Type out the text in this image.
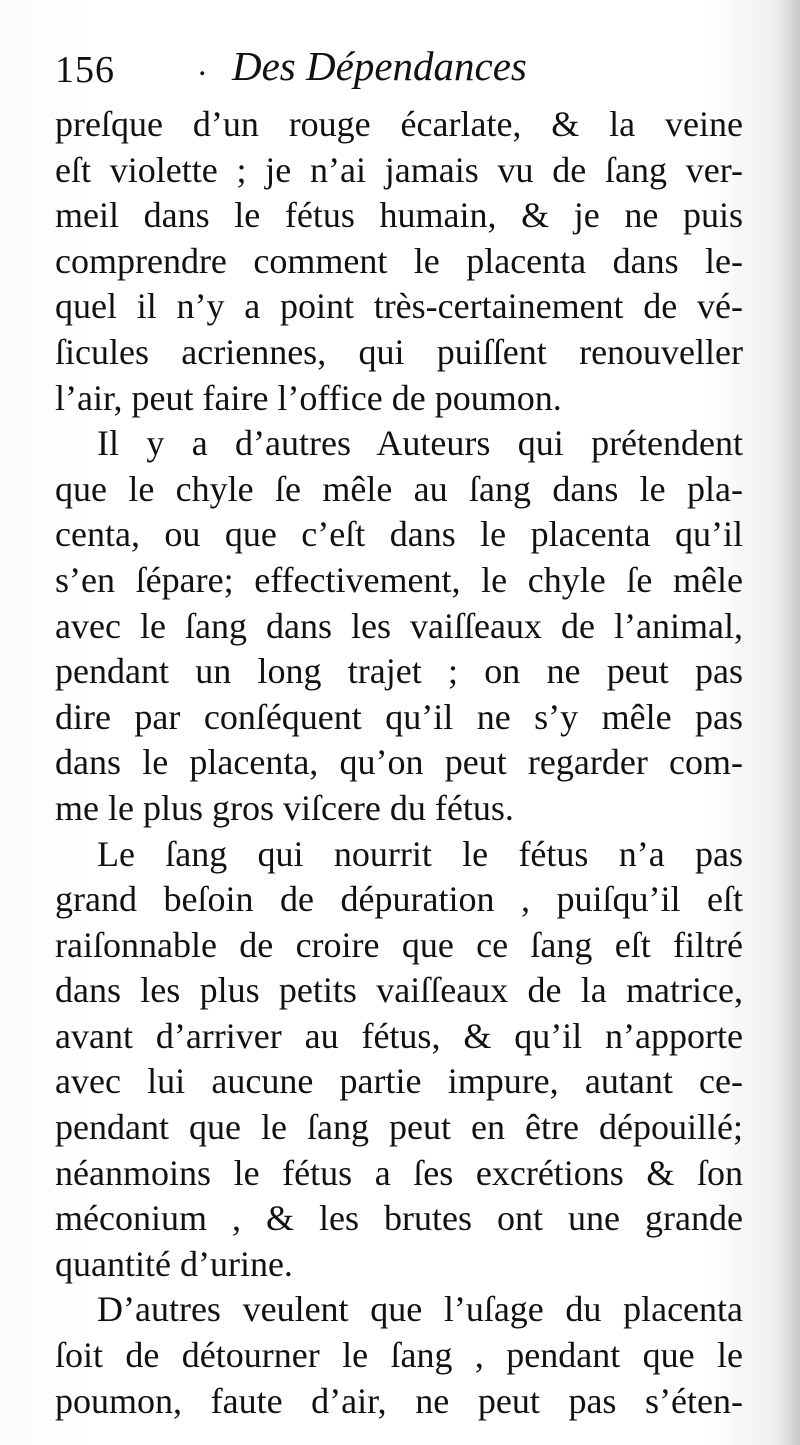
156 . Des Dépendances
preſque d’un rouge écarlate, & la veine
eſt violette ; je n’ai jamais vu de ſang ver-
meil dans le fétus humain, & je ne puis
comprendre comment le placenta dans le-
quel il n’y a point très-certainement de vé-
ſicules acriennes, qui puiſſent renouveller
l’air, peut faire l’office de poumon.
Il y a d’autres Auteurs qui prétendent
que le chyle ſe mêle au ſang dans le pla-
centa, ou que c’eſt dans le placenta qu’il
s’en ſépare; effectivement, le chyle ſe mêle
avec le ſang dans les vaiſſeaux de l’animal,
pendant un long trajet ; on ne peut pas
dire par conſéquent qu’il ne s’y mêle pas
dans le placenta, qu’on peut regarder com-
me le plus gros viſcere du fétus.
Le ſang qui nourrit le fétus n’a pas
grand beſoin de dépuration , puiſqu’il eſt
raiſonnable de croire que ce ſang eſt filtré
dans les plus petits vaiſſeaux de la matrice,
avant d’arriver au fétus, & qu’il n’apporte
avec lui aucune partie impure, autant ce-
pendant que le ſang peut en être dépouillé;
néanmoins le fétus a ſes excrétions & ſon
méconium , & les brutes ont une grande
quantité d’urine.
D’autres veulent que l’uſage du placenta
ſoit de détourner le ſang , pendant que le
poumon, faute d’air, ne peut pas s’éten-
